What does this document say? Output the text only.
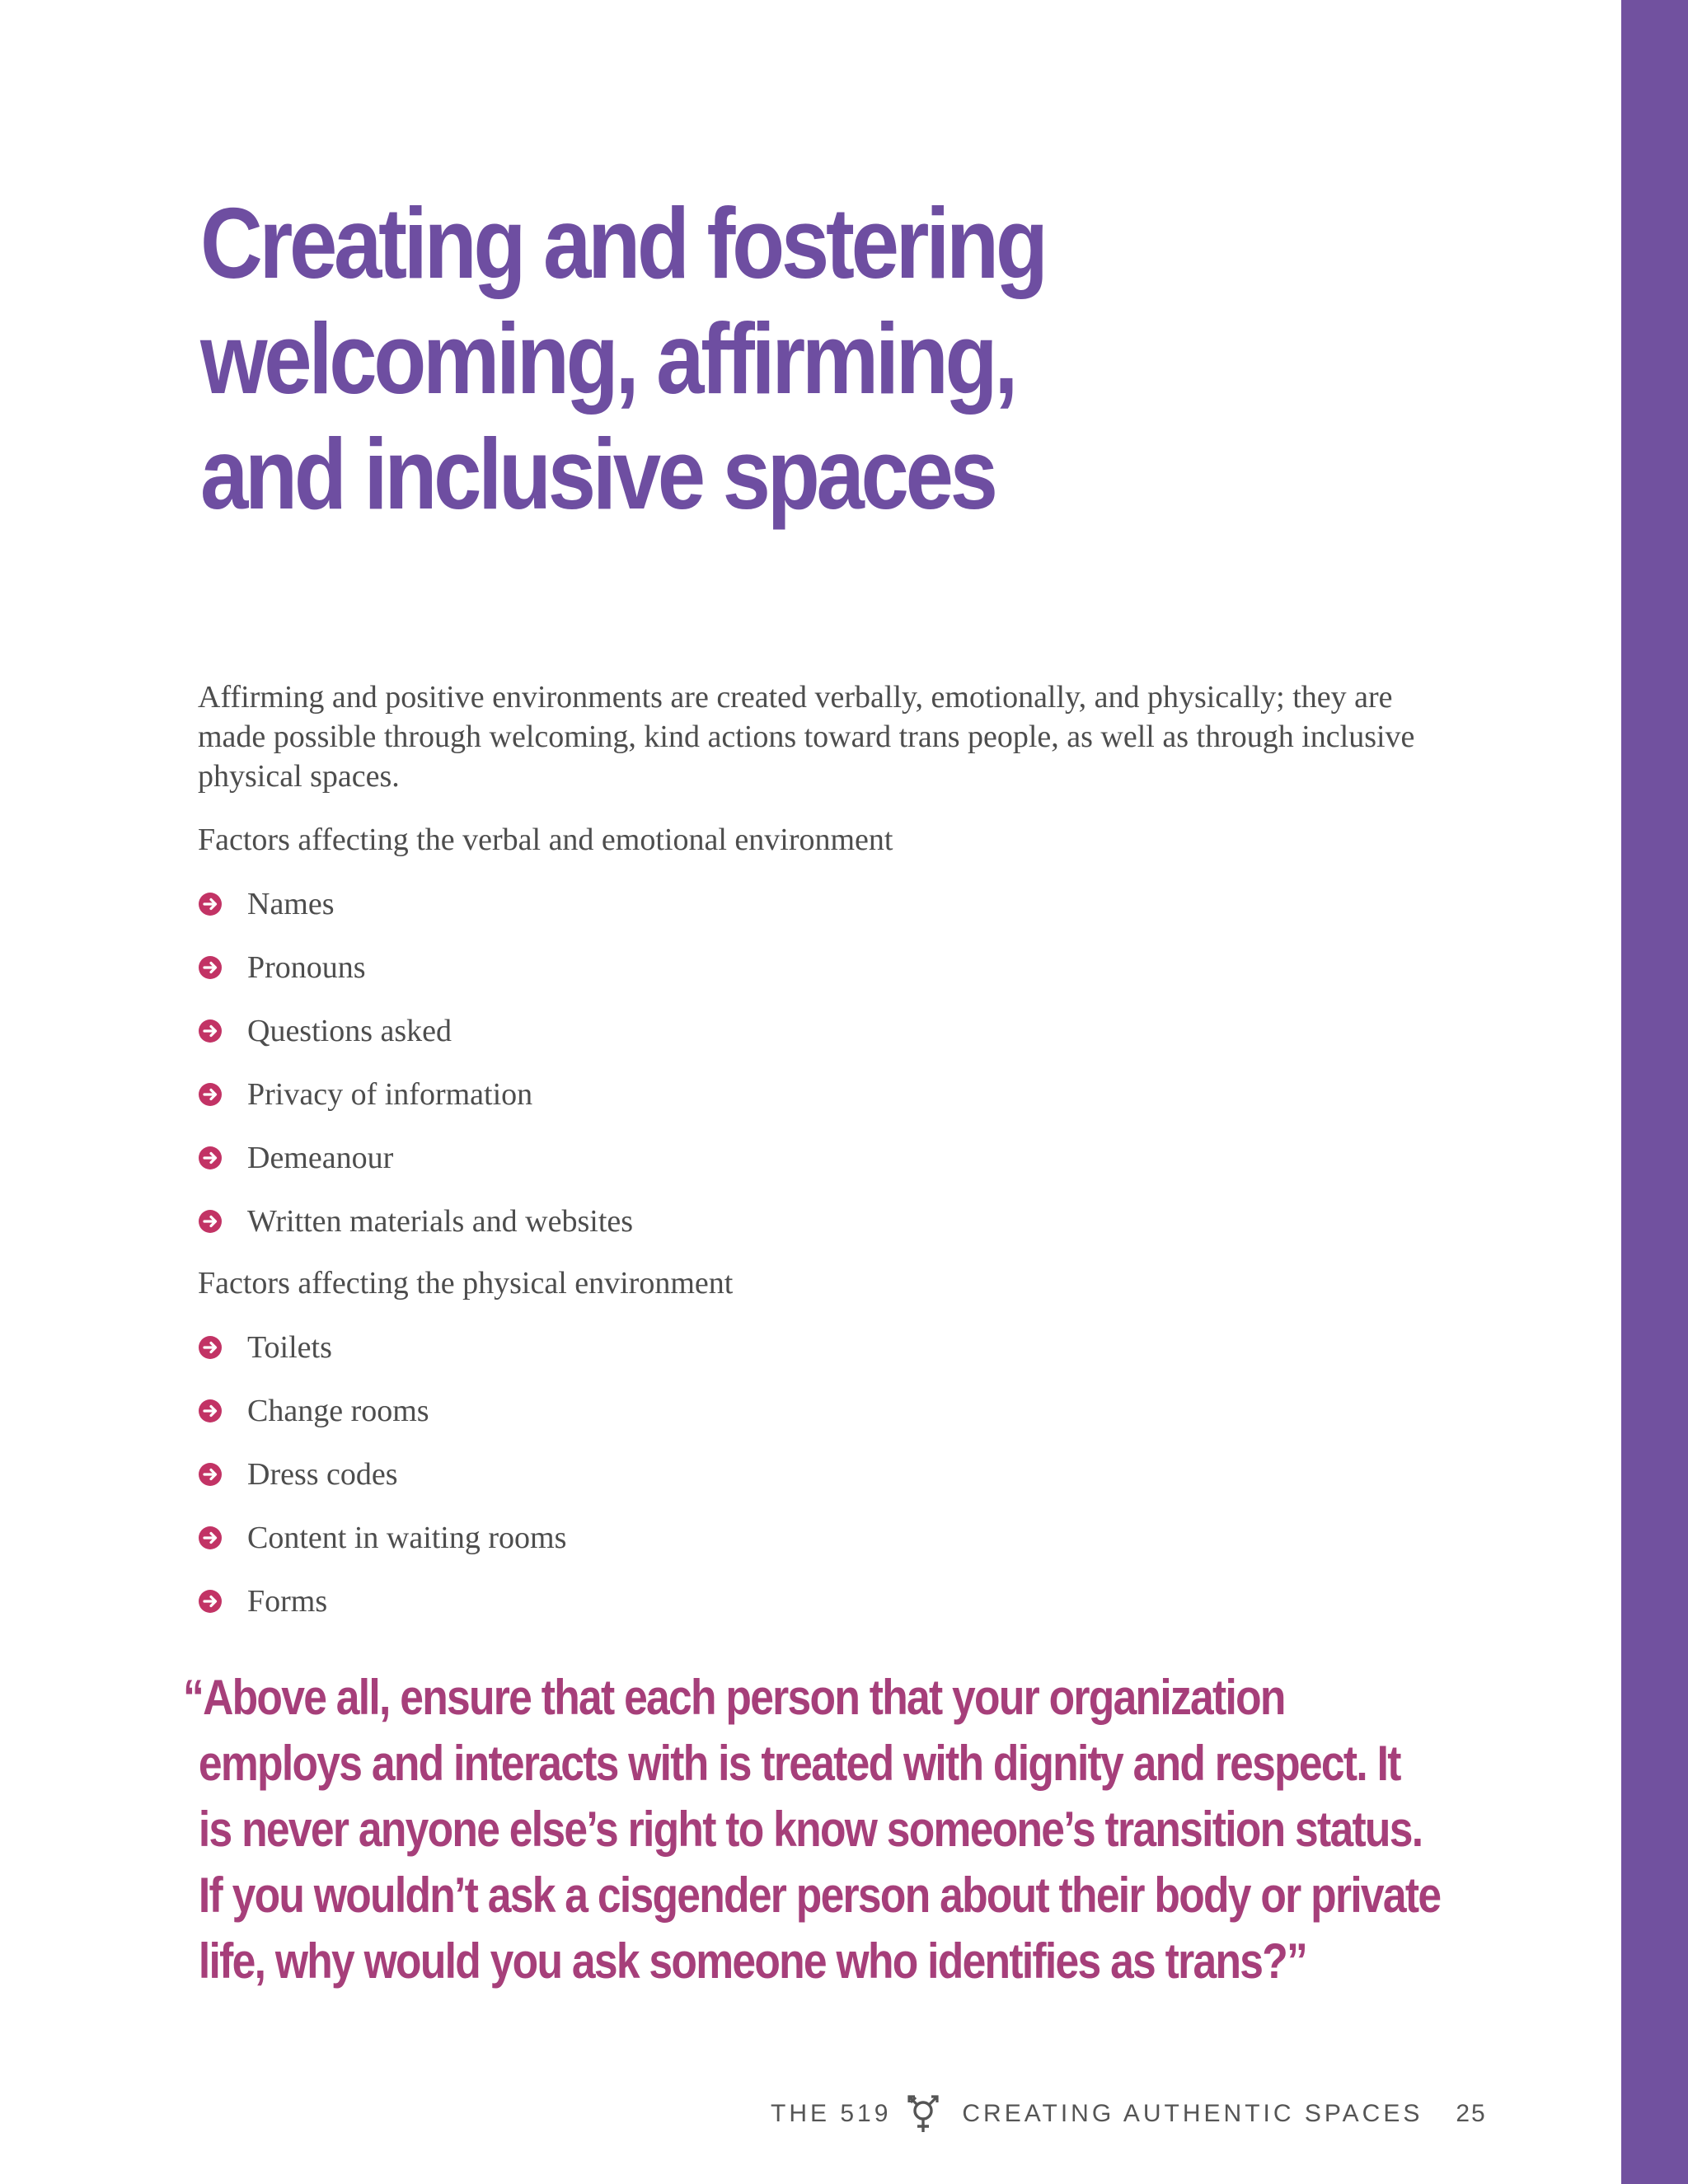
Creating and fostering
welcoming, affirming,
and inclusive spaces

Affirming and positive environments are created verbally, emotionally, and physically; they are made possible through welcoming, kind actions toward trans people, as well as through inclusive physical spaces.

Factors affecting the verbal and emotional environment

Names
Pronouns
Questions asked
Privacy of information
Demeanour
Written materials and websites

Factors affecting the physical environment

Toilets
Change rooms
Dress codes
Content in waiting rooms
Forms
“Above all, ensure that each person that your organization
employs and interacts with is treated with dignity and respect. It
is never anyone else’s right to know someone’s transition status.
If you wouldn’t ask a cisgender person about their body or private
life, why would you ask someone who identifies as trans?”
THE 519	CREATING AUTHENTIC SPACES 25
